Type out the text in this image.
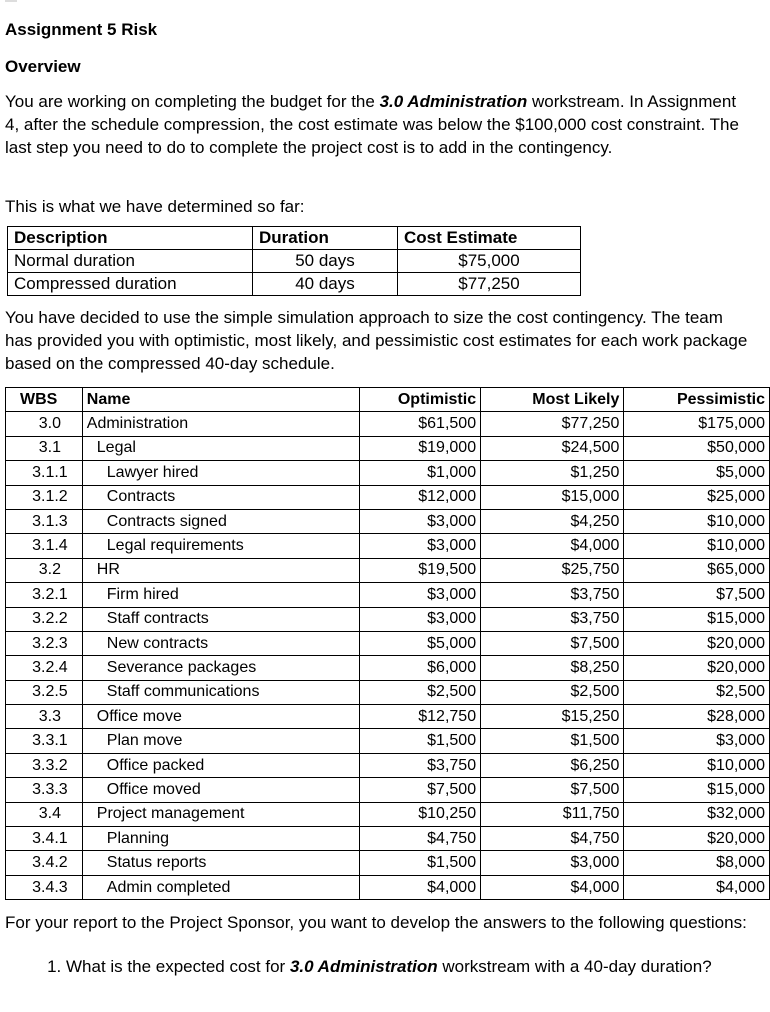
Assignment 5 Risk
Overview
You are working on completing the budget for the 3.0 Administration workstream. In Assignment 4, after the schedule compression, the cost estimate was below the $100,000 cost constraint. The last step you need to do to complete the project cost is to add in the contingency.
This is what we have determined so far:
Description	Duration	Cost Estimate
Normal duration	50 days	$75,000
Compressed duration	40 days	$77,250
You have decided to use the simple simulation approach to size the cost contingency. The team has provided you with optimistic, most likely, and pessimistic cost estimates for each work package based on the compressed 40-day schedule.
WBS	Name	Optimistic	Most Likely	Pessimistic
3.0	Administration	$61,500	$77,250	$175,000
3.1	Legal	$19,000	$24,500	$50,000
3.1.1	Lawyer hired	$1,000	$1,250	$5,000
3.1.2	Contracts	$12,000	$15,000	$25,000
3.1.3	Contracts signed	$3,000	$4,250	$10,000
3.1.4	Legal requirements	$3,000	$4,000	$10,000
3.2	HR	$19,500	$25,750	$65,000
3.2.1	Firm hired	$3,000	$3,750	$7,500
3.2.2	Staff contracts	$3,000	$3,750	$15,000
3.2.3	New contracts	$5,000	$7,500	$20,000
3.2.4	Severance packages	$6,000	$8,250	$20,000
3.2.5	Staff communications	$2,500	$2,500	$2,500
3.3	Office move	$12,750	$15,250	$28,000
3.3.1	Plan move	$1,500	$1,500	$3,000
3.3.2	Office packed	$3,750	$6,250	$10,000
3.3.3	Office moved	$7,500	$7,500	$15,000
3.4	Project management	$10,250	$11,750	$32,000
3.4.1	Planning	$4,750	$4,750	$20,000
3.4.2	Status reports	$1,500	$3,000	$8,000
3.4.3	Admin completed	$4,000	$4,000	$4,000
For your report to the Project Sponsor, you want to develop the answers to the following questions:
1. What is the expected cost for 3.0 Administration workstream with a 40-day duration?
